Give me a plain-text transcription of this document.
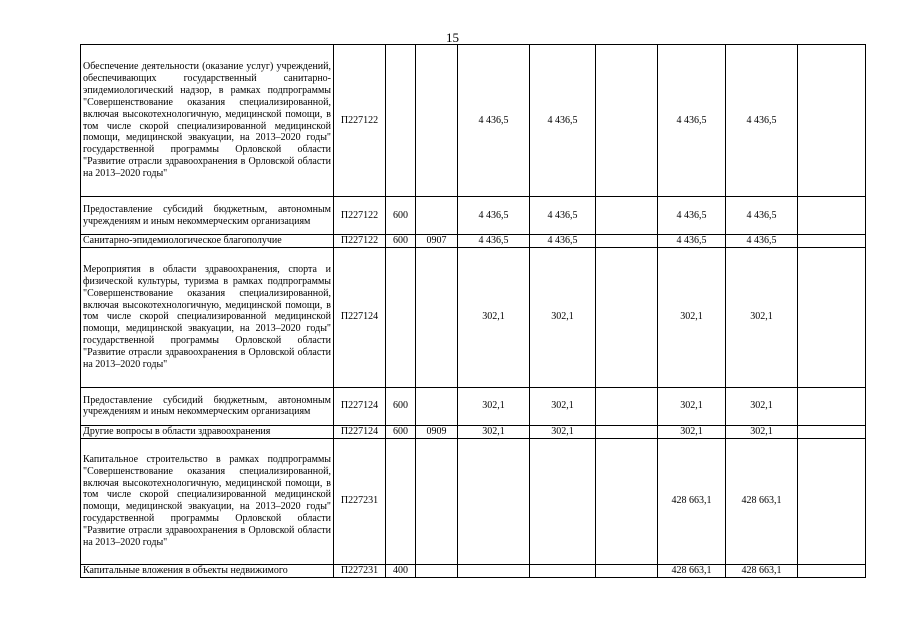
15
Обеспечение деятельности (оказание услуг) учреждений, обеспечивающих государственный санитарно-эпидемиологический надзор, в рамках подпрограммы "Совершенствование оказания специализированной, включая высокотехнологичную, медицинской помощи, в том числе скорой специализированной медицинской помощи, медицинской эвакуации, на 2013–2020 годы" государственной программы Орловской области "Развитие отрасли здравоохранения в Орловской области на 2013–2020 годы"	П227122			4 436,5	4 436,5		4 436,5	4 436,5	
Предоставление субсидий бюджетным, автономным учреждениям и иным некоммерческим организациям	П227122	600		4 436,5	4 436,5		4 436,5	4 436,5	
Санитарно-эпидемиологическое благополучие	П227122	600	0907	4 436,5	4 436,5		4 436,5	4 436,5	
Мероприятия в области здравоохранения, спорта и физической культуры, туризма в рамках подпрограммы "Совершенствование оказания специализированной, включая высокотехнологичную, медицинской помощи, в том числе скорой специализированной медицинской помощи, медицинской эвакуации, на 2013–2020 годы" государственной программы Орловской области "Развитие отрасли здравоохранения в Орловской области на 2013–2020 годы"	П227124			302,1	302,1		302,1	302,1	
Предоставление субсидий бюджетным, автономным учреждениям и иным некоммерческим организациям	П227124	600		302,1	302,1		302,1	302,1	
Другие вопросы в области здравоохранения	П227124	600	0909	302,1	302,1		302,1	302,1	
Капитальное строительство в рамках подпрограммы "Совершенствование оказания специализированной, включая высокотехнологичную, медицинской помощи, в том числе скорой специализированной медицинской помощи, медицинской эвакуации, на 2013–2020 годы" государственной программы Орловской области "Развитие отрасли здравоохранения в Орловской области на 2013–2020 годы"	П227231						428 663,1	428 663,1	
Капитальные вложения в объекты недвижимого	П227231	400					428 663,1	428 663,1	
